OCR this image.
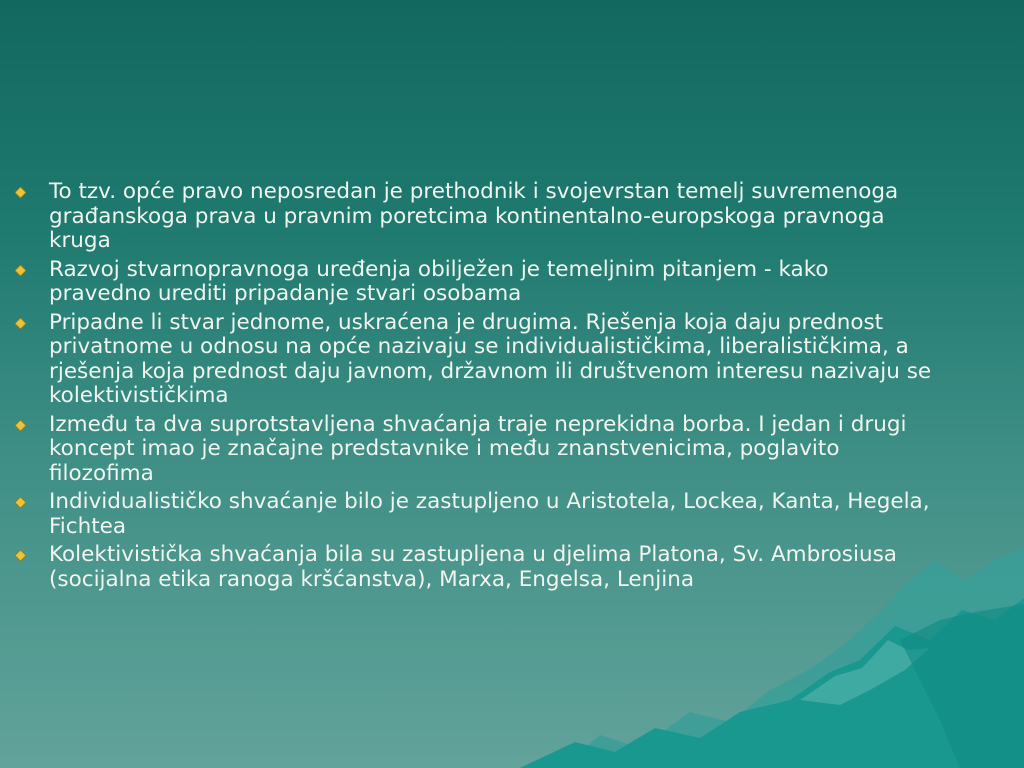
To tzv. opće pravo neposredan je prethodnik i svojevrstan temelj suvremenoga građanskoga prava u pravnim poretcima kontinentalno-europskoga pravnoga kruga
Razvoj stvarnopravnoga uređenja obilježen je temeljnim pitanjem - kako pravedno urediti pripadanje stvari osobama
Pripadne li stvar jednome, uskraćena je drugima. Rješenja koja daju prednost privatnome u odnosu na opće nazivaju se individualističkima, liberalističkima, a rješenja koja prednost daju javnom, državnom ili društvenom interesu nazivaju se kolektivističkima
Između ta dva suprotstavljena shvaćanja traje neprekidna borba. I jedan i drugi koncept imao je značajne predstavnike i među znanstvenicima, poglavito filozofima
Individualističko shvaćanje bilo je zastupljeno u Aristotela, Lockea, Kanta, Hegela, Fichtea
Kolektivistička shvaćanja bila su zastupljena u djelima Platona, Sv. Ambrosiusa (socijalna etika ranoga kršćanstva), Marxa, Engelsa, Lenjina
